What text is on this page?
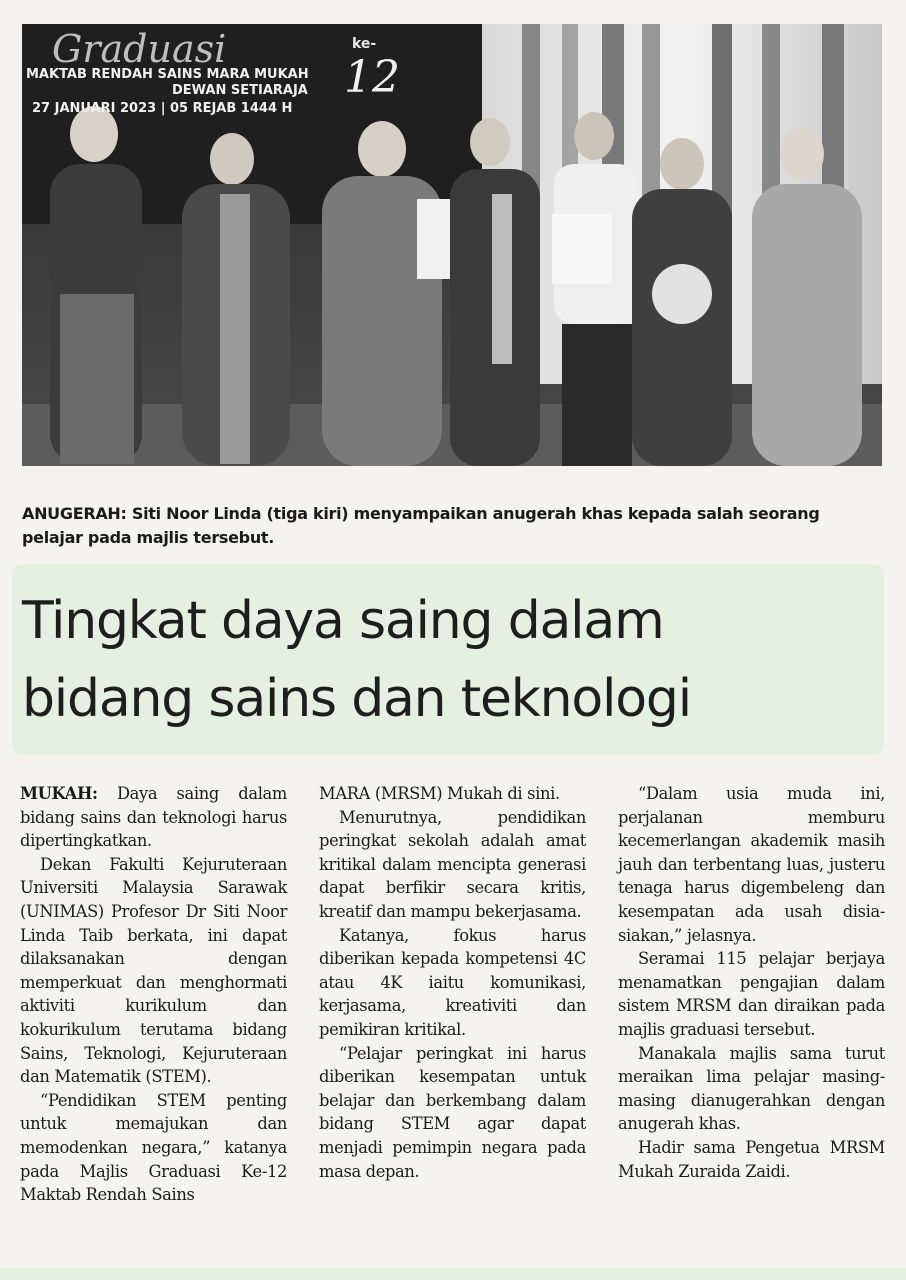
Graduasi	ke-
12
MAKTAB RENDAH SAINS MARA MUKAH
DEWAN SETIARAJA
27 JANUARI 2023 | 05 REJAB 1444 H
ANUGERAH: Siti Noor Linda (tiga kiri) menyampaikan anugerah khas kepada salah seorang pelajar pada majlis tersebut.
Tingkat daya saing dalam
bidang sains dan teknologi

MUKAH: Daya saing dalam bidang sains dan teknologi harus dipertingkatkan.

Dekan Fakulti Kejuruteraan Universiti Malaysia Sarawak (UNIMAS) Profesor Dr Siti Noor Linda Taib berkata, ini dapat dilaksanakan dengan memperkuat dan menghormati aktiviti kurikulum dan kokurikulum terutama bidang Sains, Teknologi, Kejuruteraan dan Matematik (STEM).

“Pendidikan STEM penting untuk memajukan dan memodenkan negara,” katanya pada Majlis Graduasi Ke-12 Maktab Rendah Sains

MARA (MRSM) Mukah di sini.

Menurutnya, pendidikan peringkat sekolah adalah amat kritikal dalam mencipta generasi dapat berfikir secara kritis, kreatif dan mampu bekerjasama.

Katanya, fokus harus diberikan kepada kompetensi 4C atau 4K iaitu komunikasi, kerjasama, kreativiti dan pemikiran kritikal.

“Pelajar peringkat ini harus diberikan kesempatan untuk belajar dan berkembang dalam bidang STEM agar dapat menjadi pemimpin negara pada masa depan.

“Dalam usia muda ini, perjalanan memburu kecemerlangan akademik masih jauh dan terbentang luas, justeru tenaga harus digembeleng dan kesempatan ada usah disia-siakan,” jelasnya.

Seramai 115 pelajar berjaya menamatkan pengajian dalam sistem MRSM dan diraikan pada majlis graduasi tersebut.

Manakala majlis sama turut meraikan lima pelajar masing-masing dianugerahkan dengan anugerah khas.

Hadir sama Pengetua MRSM Mukah Zuraida Zaidi.
